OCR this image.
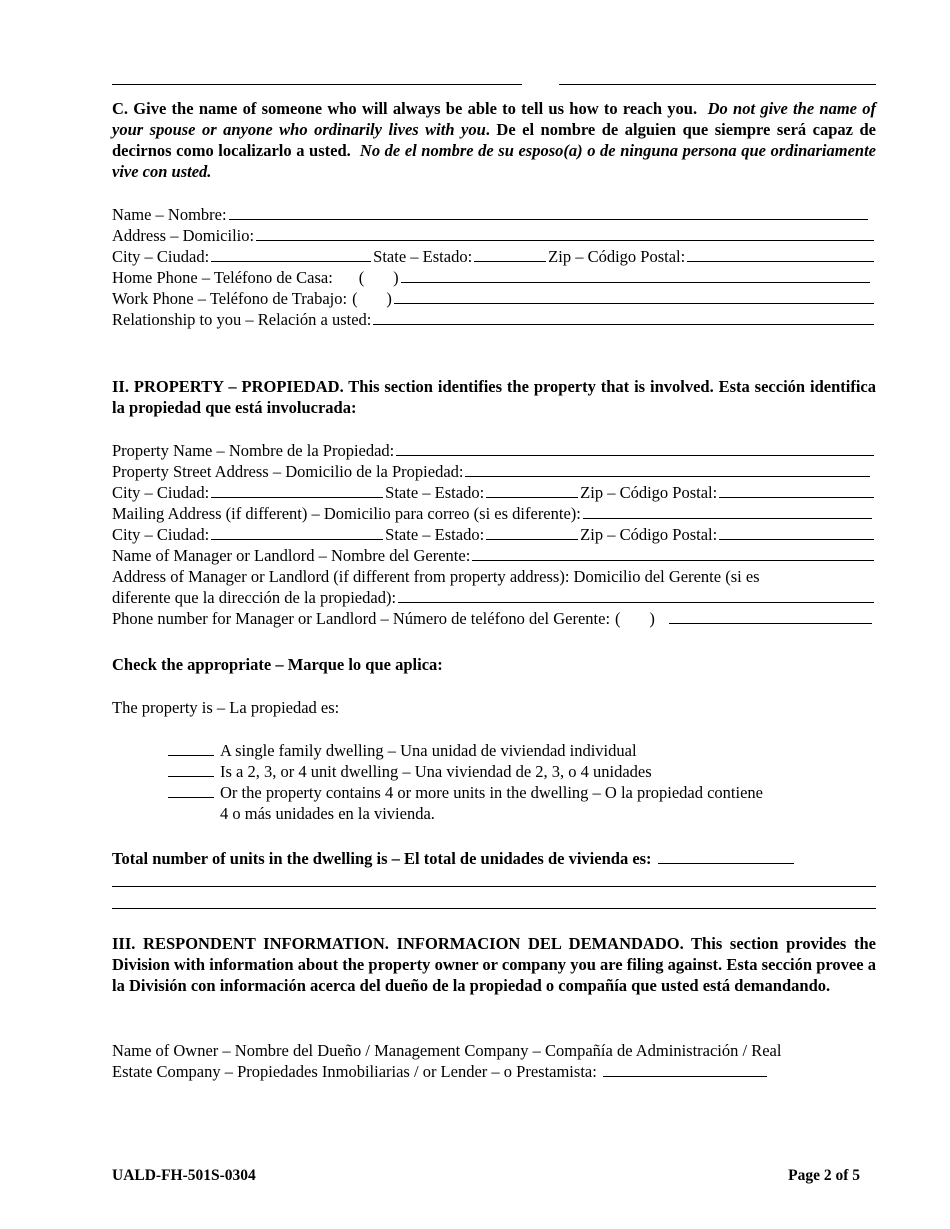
C. Give the name of someone who will always be able to tell us how to reach you. Do not give the name of your spouse or anyone who ordinarily lives with you. De el nombre de alguien que siempre será capaz de decirnos como localizarlo a usted. No de el nombre de su esposo(a) o de ninguna persona que ordinariamente vive con usted.
Name – Nombre:
Address – Domicilio:
City – Ciudad:	State – Estado:	Zip – Código Postal:
Home Phone – Teléfono de Casa: (       )
Work Phone – Teléfono de Trabajo: (       )
Relationship to you – Relación a usted:
II. PROPERTY – PROPIEDAD. This section identifies the property that is involved. Esta sección identifica la propiedad que está involucrada:
Property Name – Nombre de la Propiedad:
Property Street Address – Domicilio de la Propiedad:
City – Ciudad:	State – Estado:	Zip – Código Postal:
Mailing Address (if different) – Domicilio para correo (si es diferente):
City – Ciudad:	State – Estado:	Zip – Código Postal:
Name of Manager or Landlord – Nombre del Gerente:
Address of Manager or Landlord (if different from property address): Domicilio del Gerente (si es
diferente que la dirección de la propiedad):
Phone number for Manager or Landlord – Número de teléfono del Gerente: (       )
Check the appropriate – Marque lo que aplica:
The property is – La propiedad es:
A single family dwelling – Una unidad de viviendad individual
Is a 2, 3, or 4 unit dwelling – Una viviendad de 2, 3, o 4 unidades
Or the property contains 4 or more units in the dwelling – O la propiedad contiene
4 o más unidades en la vivienda.
Total number of units in the dwelling is – El total de unidades de vivienda es:
III. RESPONDENT INFORMATION. INFORMACION DEL DEMANDADO. This section provides the Division with information about the property owner or company you are filing against. Esta sección provee a la División con información acerca del dueño de la propiedad o compañía que usted está demandando.
Name of Owner – Nombre del Dueño / Management Company – Compañía de Administración / Real
Estate Company – Propiedades Inmobiliarias / or Lender – o Prestamista:
UALD-FH-501S-0304	Page 2 of 5
